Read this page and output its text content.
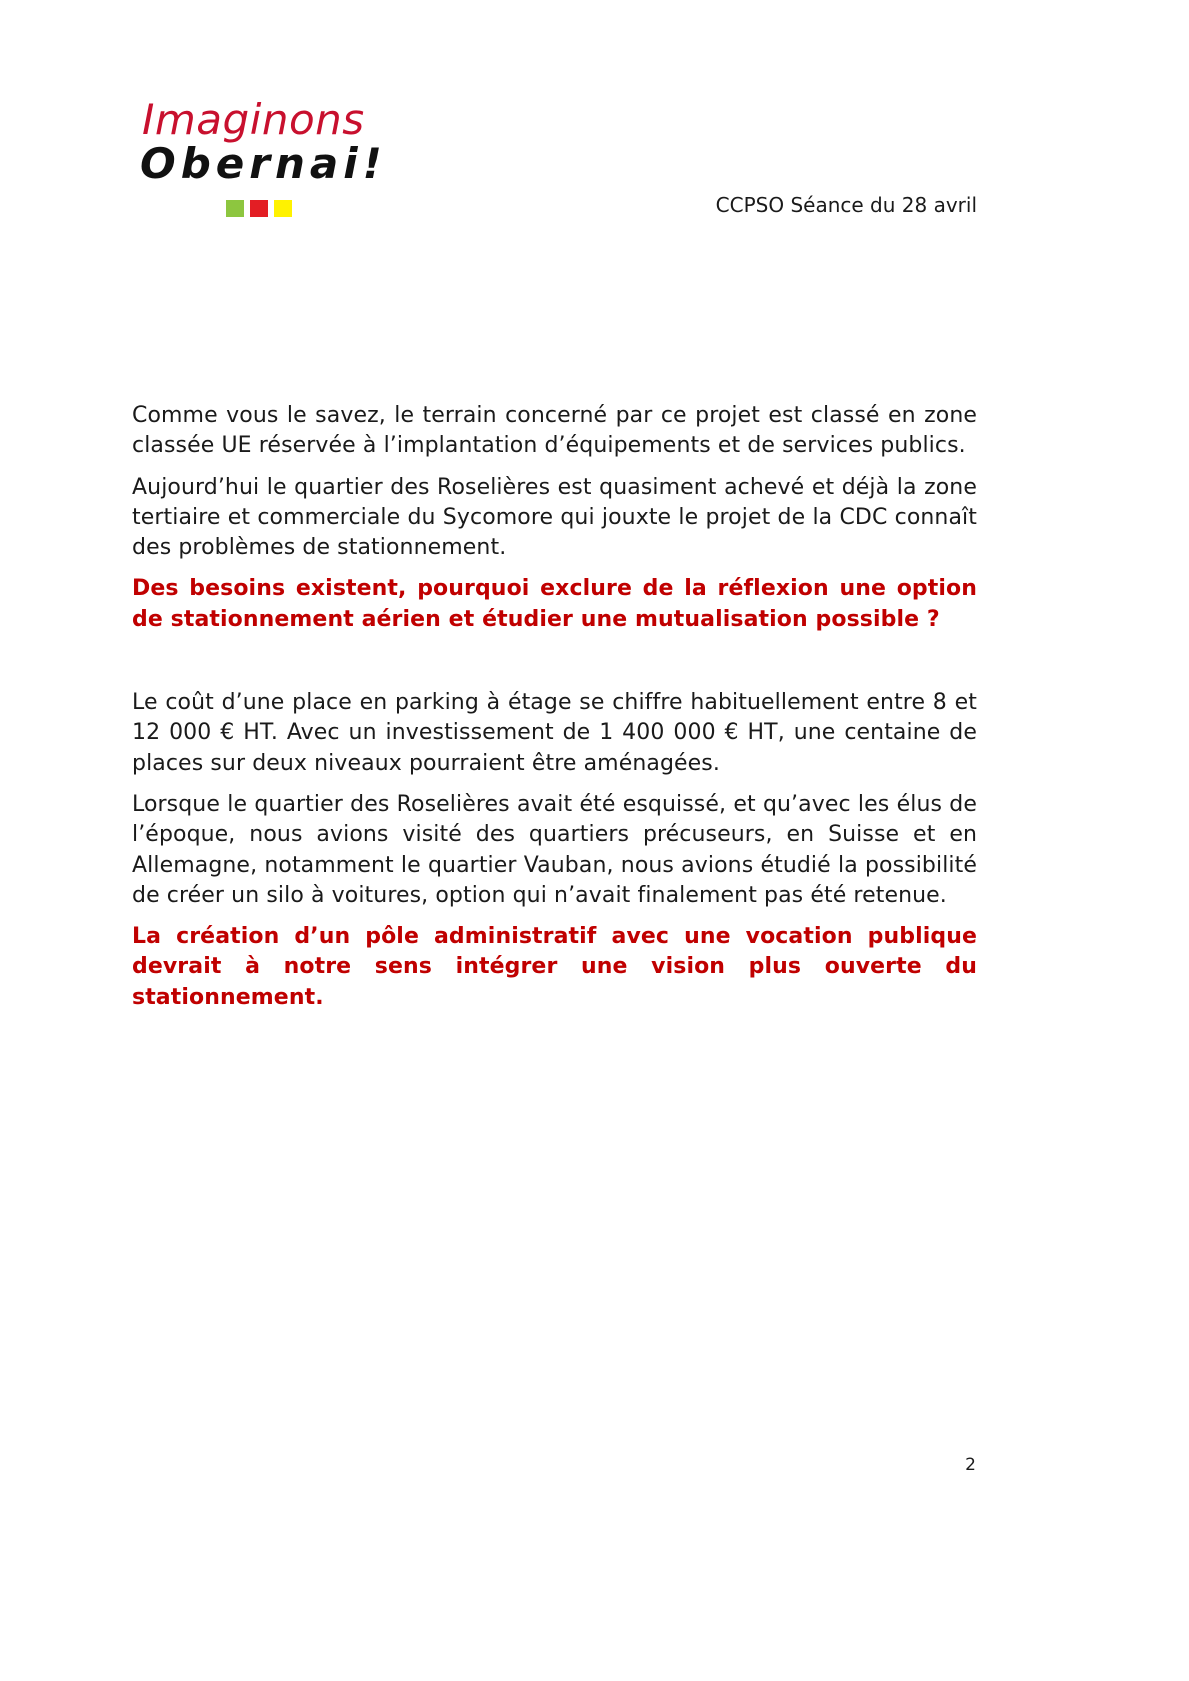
Imaginons
Obernai!
CCPSO Séance du 28 avril

Comme vous le savez, le terrain concerné par ce projet est classé en zone classée UE réservée à l’implantation d’équipements et de services publics.

Aujourd’hui le quartier des Roselières est quasiment achevé et déjà la zone tertiaire et commerciale du Sycomore qui jouxte le projet de la CDC connaît des problèmes de stationnement.

Des besoins existent, pourquoi exclure de la réflexion une option de stationnement aérien et étudier une mutualisation possible ?

Le coût d’une place en parking à étage se chiffre habituellement entre 8 et 12 000 € HT. Avec un investissement de 1 400 000 € HT, une centaine de places sur deux niveaux pourraient être aménagées.

Lorsque le quartier des Roselières avait été esquissé, et qu’avec les élus de l’époque, nous avions visité des quartiers précuseurs, en Suisse et en Allemagne, notamment le quartier Vauban, nous avions étudié la possibilité de créer un silo à voitures, option qui n’avait finalement pas été retenue.

La création d’un pôle administratif avec une vocation publique devrait à notre sens intégrer une vision plus ouverte du stationnement.

2
